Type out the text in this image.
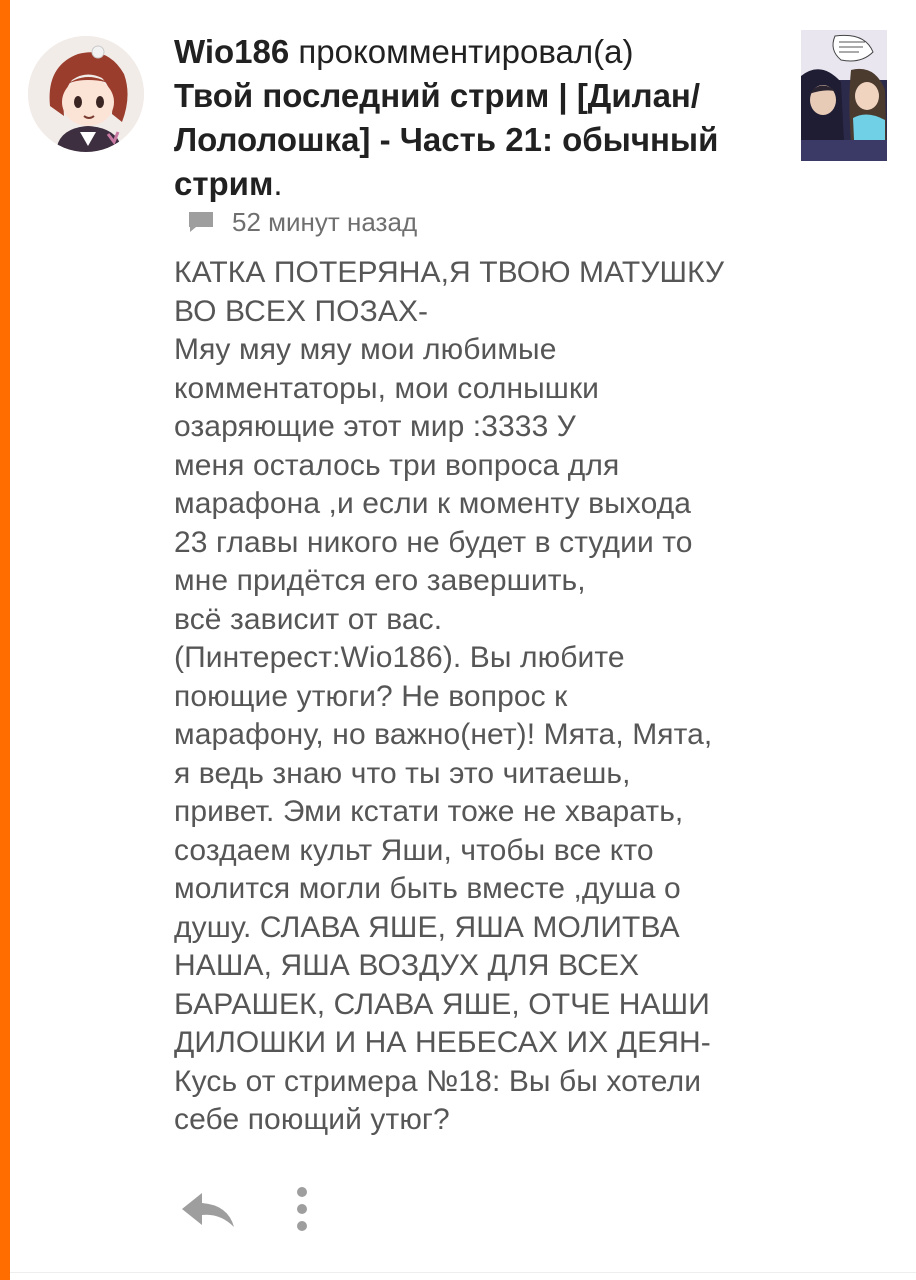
Wio186 прокомментировал(а)
Твой последний стрим | [Дилан/ Лололошка] - Часть 21: обычный стрим.
52 минут назад
КАТКА ПОТЕРЯНА,Я ТВОЮ МАТУШКУ
ВО ВСЕХ ПОЗАХ-
Мяу мяу мяу мои любимые
комментаторы, мои солнышки
озаряющие этот мир :3333 У
меня осталось три вопроса для
марафона ,и если к моменту выхода
23 главы никого не будет в студии то
мне придётся его завершить,
всё зависит от вас.
(Пинтерест:Wio186). Вы любите
поющие утюги? Не вопрос к
марафону, но важно(нет)! Мята, Мята,
я ведь знаю что ты это читаешь,
привет. Эми кстати тоже не хварать,
создаем культ Яши, чтобы все кто
молится могли быть вместе ,душа о
душу. СЛАВА ЯШЕ, ЯША МОЛИТВА
НАША, ЯША ВОЗДУХ ДЛЯ ВСЕХ
БАРАШЕК, СЛАВА ЯШЕ, ОТЧЕ НАШИ
ДИЛОШКИ И НА НЕБЕСАХ ИХ ДЕЯН-
Кусь от стримера №18: Вы бы хотели
себе поющий утюг?
